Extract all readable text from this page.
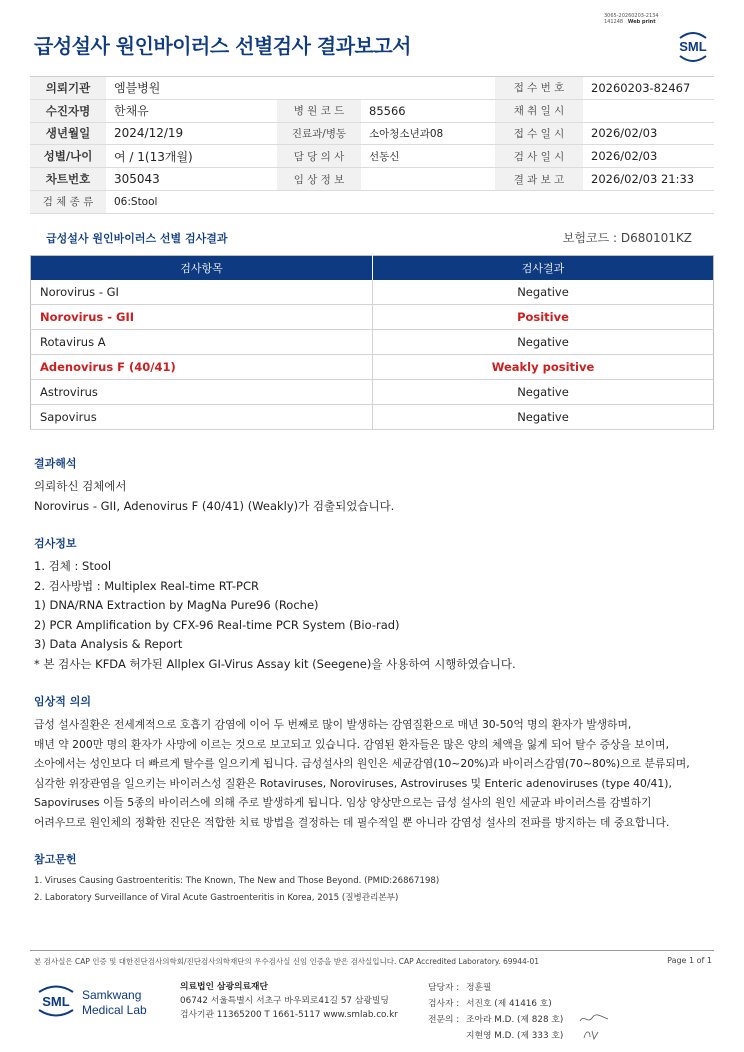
3065-20260203-2134
141248 Web print
급성설사 원인바이러스 선별검사 결과보고서	SML
의뢰기관	엠블병원			접 수 번 호	20260203-82467
수진자명	한채유	병 원 코 드	85566	채 취 일 시	
생년월일	2024/12/19	진료과/병동	소아청소년과08	접 수 일 시	2026/02/03
성별/나이	여 / 1(13개월)	담 당 의 사	선동신	검 사 일 시	2026/02/03
차트번호	305043	임 상 정 보		결 과 보 고	2026/02/03 21:33
검 체 종 류	06:Stool				
급성설사 원인바이러스 선별 검사결과	보험코드 : D680101KZ
검사항목	검사결과
Norovirus - GI	Negative
Norovirus - GII	Positive
Rotavirus A	Negative
Adenovirus F (40/41)	Weakly positive
Astrovirus	Negative
Sapovirus	Negative
결과해석
의뢰하신 검체에서
Norovirus - GII, Adenovirus F (40/41) (Weakly)가 검출되었습니다.
검사정보
1. 검체 : Stool
2. 검사방법 : Multiplex Real-time RT-PCR
1) DNA/RNA Extraction by MagNa Pure96 (Roche)
2) PCR Amplification by CFX-96 Real-time PCR System (Bio-rad)
3) Data Analysis & Report
* 본 검사는 KFDA 허가된 Allplex GI-Virus Assay kit (Seegene)을 사용하여 시행하였습니다.
임상적 의의
급성 설사질환은 전세계적으로 호흡기 감염에 이어 두 번째로 많이 발생하는 감염질환으로 매년 30-50억 명의 환자가 발생하며,
매년 약 200만 명의 환자가 사망에 이르는 것으로 보고되고 있습니다. 감염된 환자들은 많은 양의 체액을 잃게 되어 탈수 증상을 보이며,
소아에서는 성인보다 더 빠르게 탈수를 일으키게 됩니다. 급성설사의 원인은 세균감염(10~20%)과 바이러스감염(70~80%)으로 분류되며,
심각한 위장관염을 일으키는 바이러스성 질환은 Rotaviruses, Noroviruses, Astroviruses 및 Enteric adenoviruses (type 40/41),
Sapoviruses 이들 5종의 바이러스에 의해 주로 발생하게 됩니다. 임상 양상만으로는 급성 설사의 원인 세균과 바이러스를 감별하기
어려우므로 원인체의 정확한 진단은 적합한 치료 방법을 결정하는 데 필수적일 뿐 아니라 감염성 설사의 전파를 방지하는 데 중요합니다.
참고문헌
1. Viruses Causing Gastroenteritis: The Known, The New and Those Beyond. (PMID:26867198)
2. Laboratory Surveillance of Viral Acute Gastroenteritis in Korea, 2015 (질병관리본부)
본 검사실은 CAP 인증 및 대한진단검사의학회/진단검사의학재단의 우수검사실 신임 인증을 받은 검사실입니다. CAP Accredited Laboratory. 69944-01	Page 1 of 1
SML Samkwang
Medical Lab
의료법인 삼광의료재단
06742 서울특별시 서초구 바우뫼로41길 57 삼광빌딩
검사기관 11365200 T 1661-5117 www.smlab.co.kr
담당자 : 정훈필
검사자 : 서진호 (제 41416 호)
전문의 : 조아라 M.D. (제 828 호)
지현영 M.D. (제 333 호)
